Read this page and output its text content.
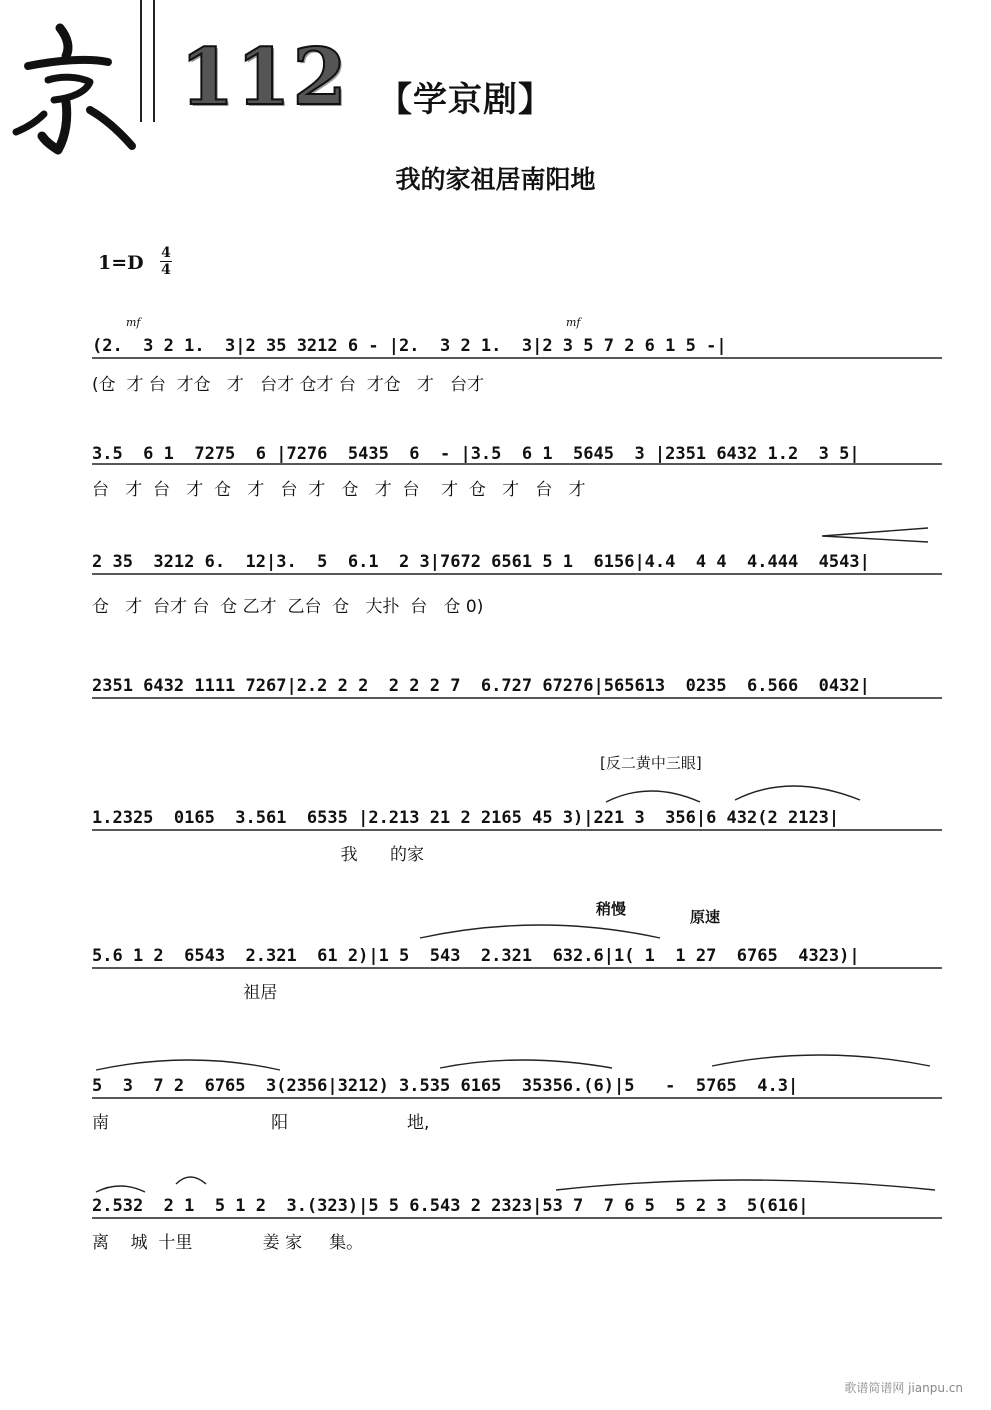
112 【学京剧】
我的家祖居南阳地
1=D 4
4
mf	mf
(2.  3 2 1.  3|2 35 3212 6 - |2.  3 2 1.  3|2 3 5 7 2 6 1 5 -|
(仓  才 台  才仓   才   台才 仓才 台  才仓   才   台才
3.5  6 1  7275  6 |7276  5435  6  - |3.5  6 1  5645  3 |2351 6432 1.2  3 5|
台   才  台   才  仓   才   台  才   仓   才  台    才  仓   才   台   才
2 35  3212 6.  12|3.  5  6.1  2 3|7672 6561 5 1  6156|4.4  4 4  4.444  4543|
仓   才  台才 台  仓 乙才  乙台  仓   大扑  台   仓 0)
2351 6432 1111 7267|2.2 2 2  2 2 2 7  6.727 67276|565613  0235  6.566  0432|
[反二黄中三眼]
1.2325  0165  3.561  6535 |2.213 21 2 2165 45 3)|221 3  356|6 432(2 2123|
我      的家
稍慢	原速
5.6 1 2  6543  2.321  61 2)|1 5  543  2.321  632.6|1( 1  1 27  6765  4323)|
祖居
5  3  7 2  6765  3(2356|3212) 3.535 6165  35356.(6)|5   -  5765  4.3|
南                              阳                      地,
2.532  2 1  5 1 2  3.(323)|5 5 6.543 2 2323|53 7  7 6 5  5 2 3  5(616|
离    城  十里             姜 家     集。
歌谱简谱网 jianpu.cn
